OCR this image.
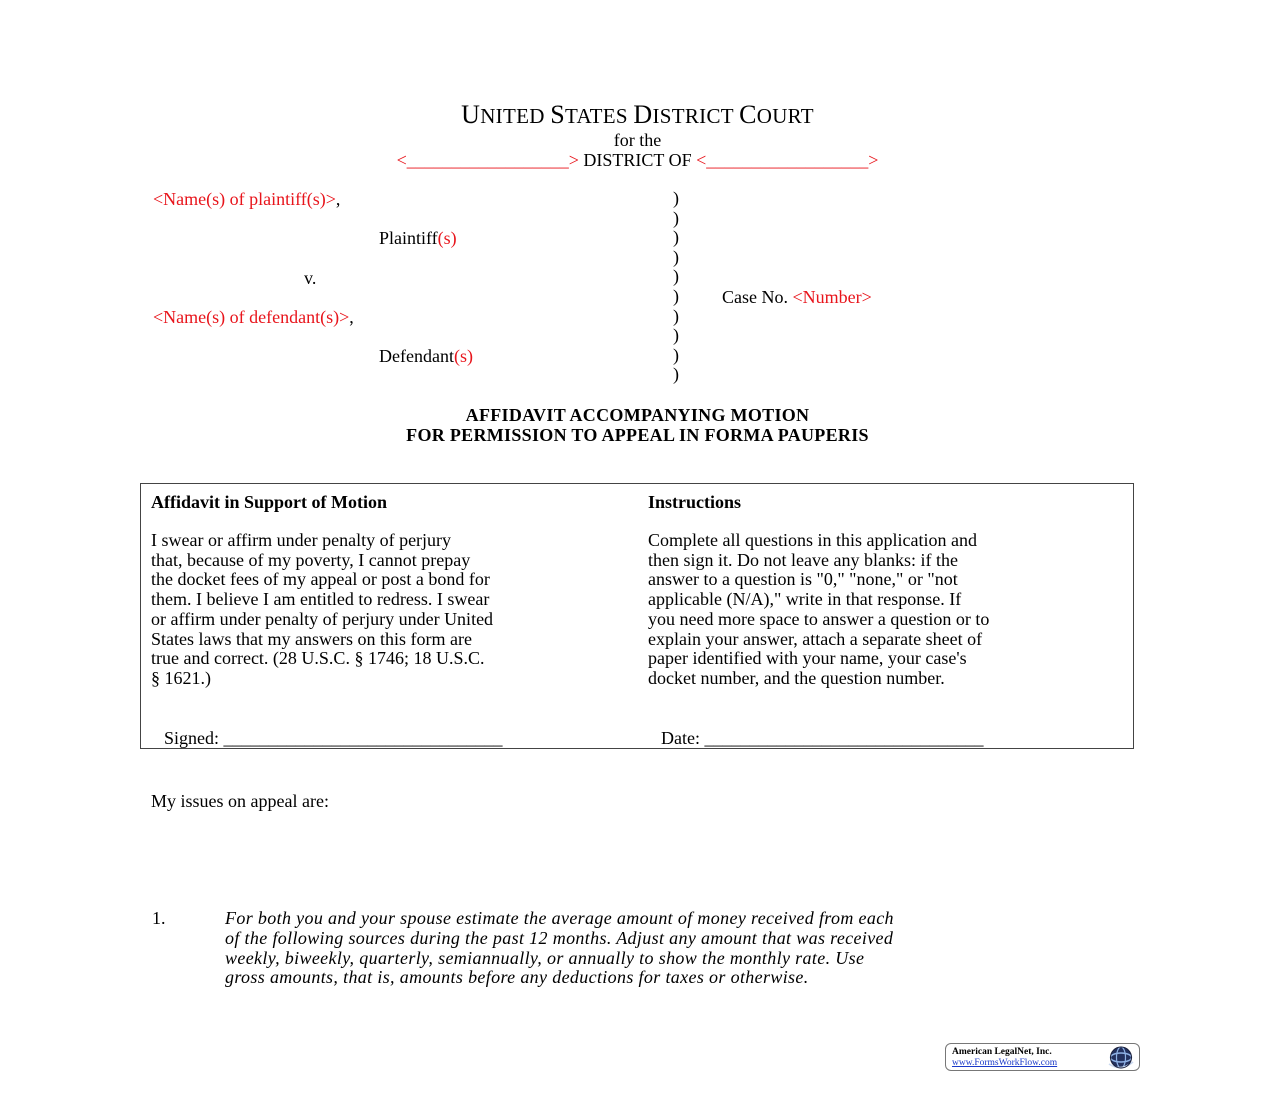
UNITED STATES DISTRICT COURT
for the
<__________________> DISTRICT OF <__________________>
<Name(s) of plaintiff(s)>,
Plaintiff(s)
v.
<Name(s) of defendant(s)>,
Defendant(s)
)
)
)
)
)
)
)
)
)
)
Case No. <Number>
AFFIDAVIT ACCOMPANYING MOTION
FOR PERMISSION TO APPEAL IN FORMA PAUPERIS
Affidavit in Support of Motion
I swear or affirm under penalty of perjury
that, because of my poverty, I cannot prepay
the docket fees of my appeal or post a bond for
them. I believe I am entitled to redress. I swear
or affirm under penalty of perjury under United
States laws that my answers on this form are
true and correct. (28 U.S.C. § 1746; 18 U.S.C.
§ 1621.)
Instructions
Complete all questions in this application and
then sign it. Do not leave any blanks: if the
answer to a question is "0," "none," or "not
applicable (N/A)," write in that response. If
you need more space to answer a question or to
explain your answer, attach a separate sheet of
paper identified with your name, your case's
docket number, and the question number.
Signed: _______________________________	Date: _______________________________
My issues on appeal are:
1.	For both you and your spouse estimate the average amount of money received from each
of the following sources during the past 12 months. Adjust any amount that was received
weekly, biweekly, quarterly, semiannually, or annually to show the monthly rate. Use
gross amounts, that is, amounts before any deductions for taxes or otherwise.
American LegalNet, Inc.
www.FormsWorkFlow.com
